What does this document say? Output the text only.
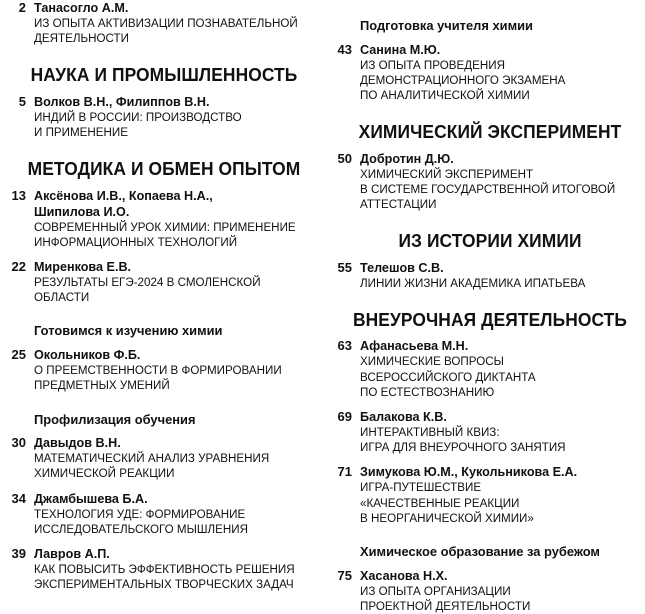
2 Танасогло А.М.
ИЗ ОПЫТА АКТИВИЗАЦИИ ПОЗНАВАТЕЛЬНОЙ
ДЕЯТЕЛЬНОСТИ
НАУКА И ПРОМЫШЛЕННОСТЬ
5 Волков В.Н., Филиппов В.Н.
ИНДИЙ В РОССИИ: ПРОИЗВОДСТВО
И ПРИМЕНЕНИЕ
МЕТОДИКА И ОБМЕН ОПЫТОМ
13 Аксёнова И.В., Копаева Н.А.,
Шипилова И.О.
СОВРЕМЕННЫЙ УРОК ХИМИИ: ПРИМЕНЕНИЕ
ИНФОРМАЦИОННЫХ ТЕХНОЛОГИЙ
22 Миренкова Е.В.
РЕЗУЛЬТАТЫ ЕГЭ-2024 В СМОЛЕНСКОЙ
ОБЛАСТИ
Готовимся к изучению химии
25 Окольников Ф.Б.
О ПРЕЕМСТВЕННОСТИ В ФОРМИРОВАНИИ
ПРЕДМЕТНЫХ УМЕНИЙ
Профилизация обучения
30 Давыдов В.Н.
МАТЕМАТИЧЕСКИЙ АНАЛИЗ УРАВНЕНИЯ
ХИМИЧЕСКОЙ РЕАКЦИИ
34 Джамбышева Б.А.
ТЕХНОЛОГИЯ УДЕ: ФОРМИРОВАНИЕ
ИССЛЕДОВАТЕЛЬСКОГО МЫШЛЕНИЯ
39 Лавров А.П.
КАК ПОВЫСИТЬ ЭФФЕКТИВНОСТЬ РЕШЕНИЯ
ЭКСПЕРИМЕНТАЛЬНЫХ ТВОРЧЕСКИХ ЗАДАЧ
Подготовка учителя химии
43 Санина М.Ю.
ИЗ ОПЫТА ПРОВЕДЕНИЯ
ДЕМОНСТРАЦИОННОГО ЭКЗАМЕНА
ПО АНАЛИТИЧЕСКОЙ ХИМИИ
ХИМИЧЕСКИЙ ЭКСПЕРИМЕНТ
50 Добротин Д.Ю.
ХИМИЧЕСКИЙ ЭКСПЕРИМЕНТ
В СИСТЕМЕ ГОСУДАРСТВЕННОЙ ИТОГОВОЙ
АТТЕСТАЦИИ
ИЗ ИСТОРИИ ХИМИИ
55 Телешов С.В.
ЛИНИИ ЖИЗНИ АКАДЕМИКА ИПАТЬЕВА
ВНЕУРОЧНАЯ ДЕЯТЕЛЬНОСТЬ
63 Афанасьева М.Н.
ХИМИЧЕСКИЕ ВОПРОСЫ
ВСЕРОССИЙСКОГО ДИКТАНТА
ПО ЕСТЕСТВОЗНАНИЮ
69 Балакова К.В.
ИНТЕРАКТИВНЫЙ КВИЗ:
ИГРА ДЛЯ ВНЕУРОЧНОГО ЗАНЯТИЯ
71 Зимукова Ю.М., Кукольникова Е.А.
ИГРА-ПУТЕШЕСТВИЕ
«КАЧЕСТВЕННЫЕ РЕАКЦИИ
В НЕОРГАНИЧЕСКОЙ ХИМИИ»
Химическое образование за рубежом
75 Хасанова Н.Х.
ИЗ ОПЫТА ОРГАНИЗАЦИИ
ПРОЕКТНОЙ ДЕЯТЕЛЬНОСТИ
